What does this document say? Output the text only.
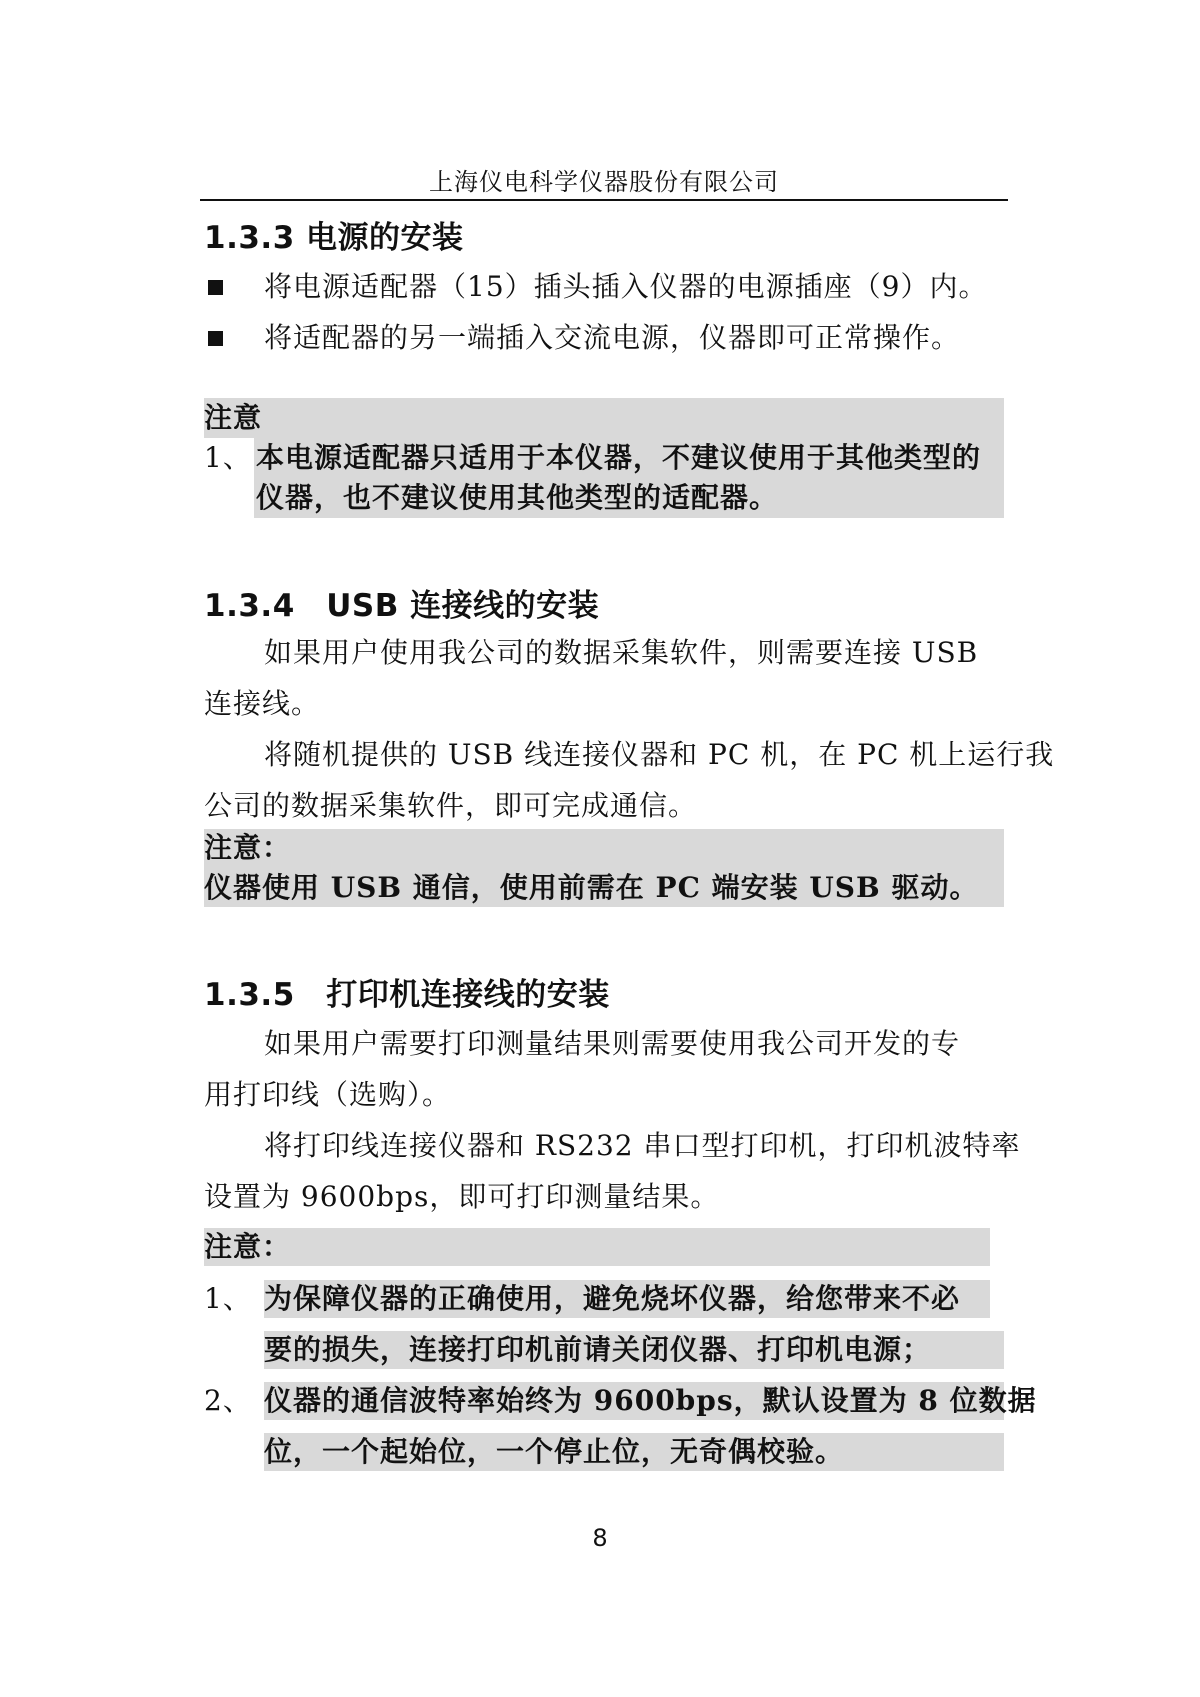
上海仪电科学仪器股份有限公司
1.3.3 电源的安装
将电源适配器（15）插头插入仪器的电源插座（9）内。
将适配器的另一端插入交流电源，仪器即可正常操作。
注意
1、 本电源适配器只适用于本仪器，不建议使用于其他类型的
仪器，也不建议使用其他类型的适配器。
1.3.4　USB 连接线的安装
如果用户使用我公司的数据采集软件，则需要连接 USB
连接线。
将随机提供的 USB 线连接仪器和 PC 机，在 PC 机上运行我
公司的数据采集软件，即可完成通信。
注意：
仪器使用 USB 通信，使用前需在 PC 端安装 USB 驱动。
1.3.5　打印机连接线的安装
如果用户需要打印测量结果则需要使用我公司开发的专
用打印线（选购）。
将打印线连接仪器和 RS232 串口型打印机，打印机波特率
设置为 9600bps，即可打印测量结果。
注意：
1、 为保障仪器的正确使用，避免烧坏仪器，给您带来不必
要的损失，连接打印机前请关闭仪器、打印机电源；
2、 仪器的通信波特率始终为 9600bps，默认设置为 8 位数据
位，一个起始位，一个停止位，无奇偶校验。
8
